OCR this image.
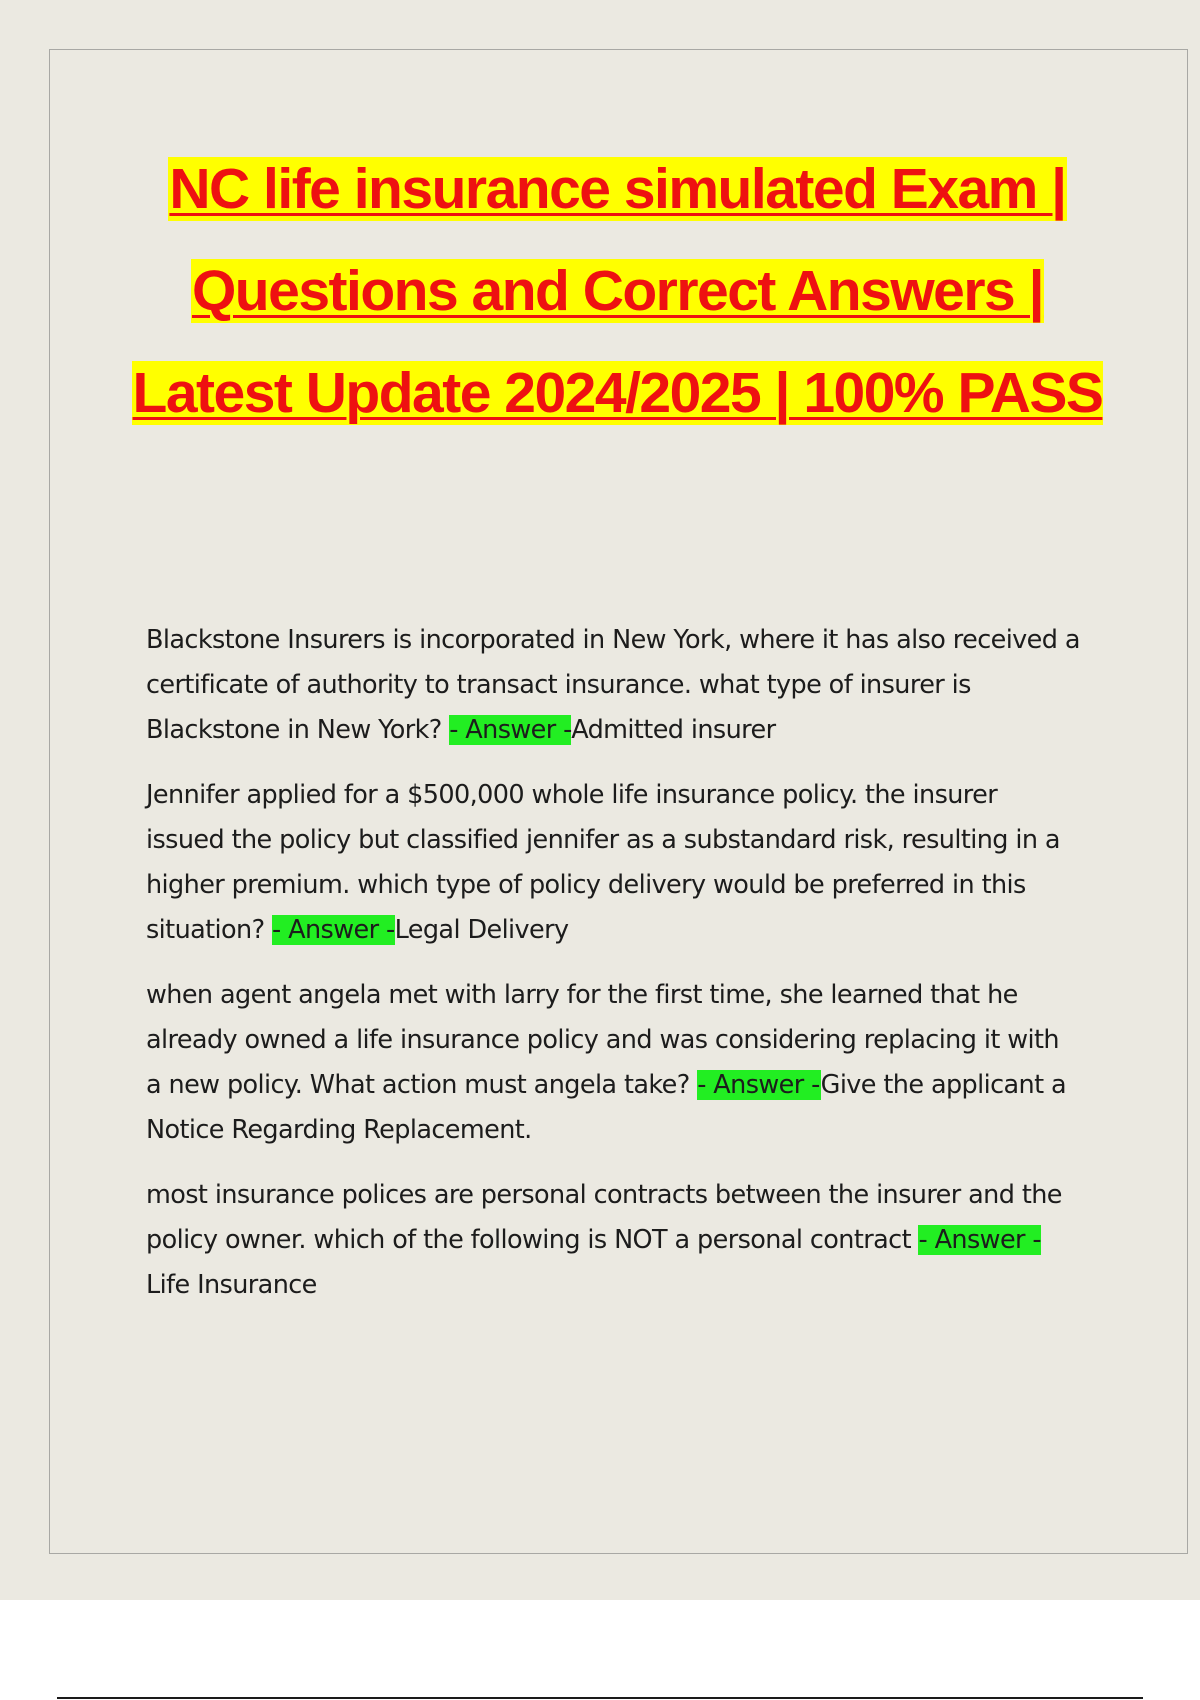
NC life insurance simulated Exam | Questions and Correct Answers | Latest Update 2024/2025 | 100% PASS

Blackstone Insurers is incorporated in New York, where it has also received a certificate of authority to transact insurance. what type of insurer is Blackstone in New York? - Answer -Admitted insurer

Jennifer applied for a $500,000 whole life insurance policy. the insurer issued the policy but classified jennifer as a substandard risk, resulting in a higher premium. which type of policy delivery would be preferred in this situation? - Answer -Legal Delivery

when agent angela met with larry for the first time, she learned that he already owned a life insurance policy and was considering replacing it with a new policy. What action must angela take? - Answer -Give the applicant a Notice Regarding Replacement.

most insurance polices are personal contracts between the insurer and the policy owner. which of the following is NOT a personal contract - Answer -Life Insurance
